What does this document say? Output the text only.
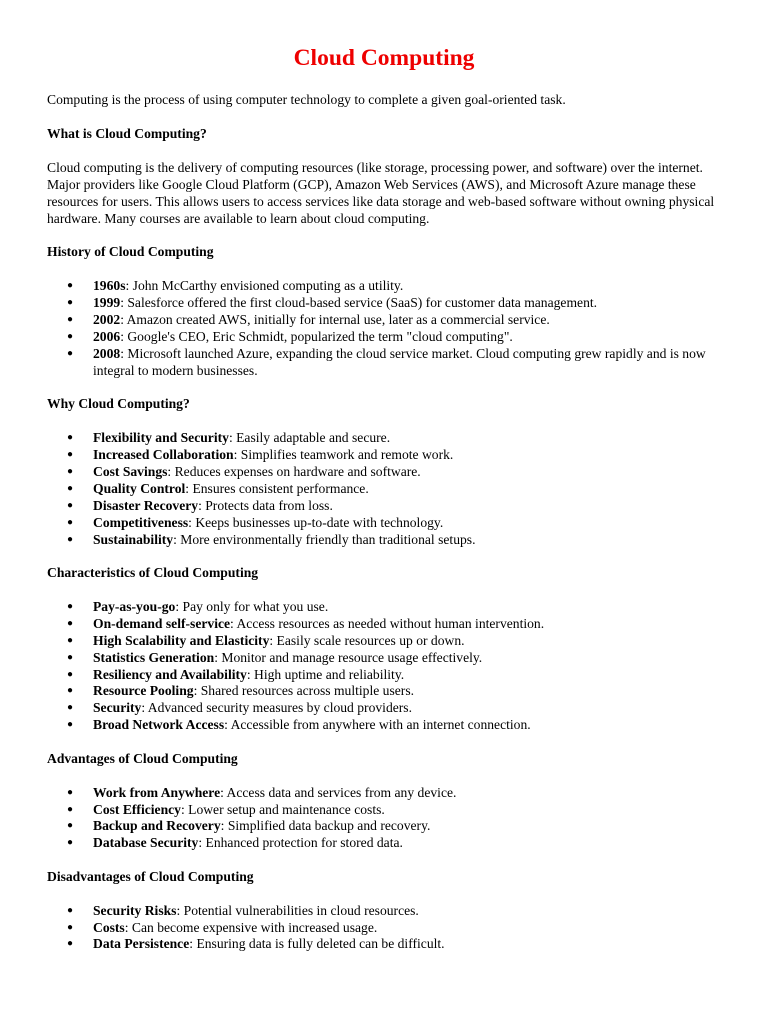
Cloud Computing

Computing is the process of using computer technology to complete a given goal-oriented task.

What is Cloud Computing?

Cloud computing is the delivery of computing resources (like storage, processing power, and software) over the internet. Major providers like Google Cloud Platform (GCP), Amazon Web Services (AWS), and Microsoft Azure manage these resources for users. This allows users to access services like data storage and web-based software without owning physical hardware. Many courses are available to learn about cloud computing.

History of Cloud Computing
● 1960s: John McCarthy envisioned computing as a utility.
● 1999: Salesforce offered the first cloud-based service (SaaS) for customer data management.
● 2002: Amazon created AWS, initially for internal use, later as a commercial service.
● 2006: Google's CEO, Eric Schmidt, popularized the term "cloud computing".
● 2008: Microsoft launched Azure, expanding the cloud service market. Cloud computing grew rapidly and is now integral to modern businesses.
Why Cloud Computing?
● Flexibility and Security: Easily adaptable and secure.
● Increased Collaboration: Simplifies teamwork and remote work.
● Cost Savings: Reduces expenses on hardware and software.
● Quality Control: Ensures consistent performance.
● Disaster Recovery: Protects data from loss.
● Competitiveness: Keeps businesses up-to-date with technology.
● Sustainability: More environmentally friendly than traditional setups.
Characteristics of Cloud Computing
● Pay-as-you-go: Pay only for what you use.
● On-demand self-service: Access resources as needed without human intervention.
● High Scalability and Elasticity: Easily scale resources up or down.
● Statistics Generation: Monitor and manage resource usage effectively.
● Resiliency and Availability: High uptime and reliability.
● Resource Pooling: Shared resources across multiple users.
● Security: Advanced security measures by cloud providers.
● Broad Network Access: Accessible from anywhere with an internet connection.
Advantages of Cloud Computing
● Work from Anywhere: Access data and services from any device.
● Cost Efficiency: Lower setup and maintenance costs.
● Backup and Recovery: Simplified data backup and recovery.
● Database Security: Enhanced protection for stored data.
Disadvantages of Cloud Computing
● Security Risks: Potential vulnerabilities in cloud resources.
● Costs: Can become expensive with increased usage.
● Data Persistence: Ensuring data is fully deleted can be difficult.
